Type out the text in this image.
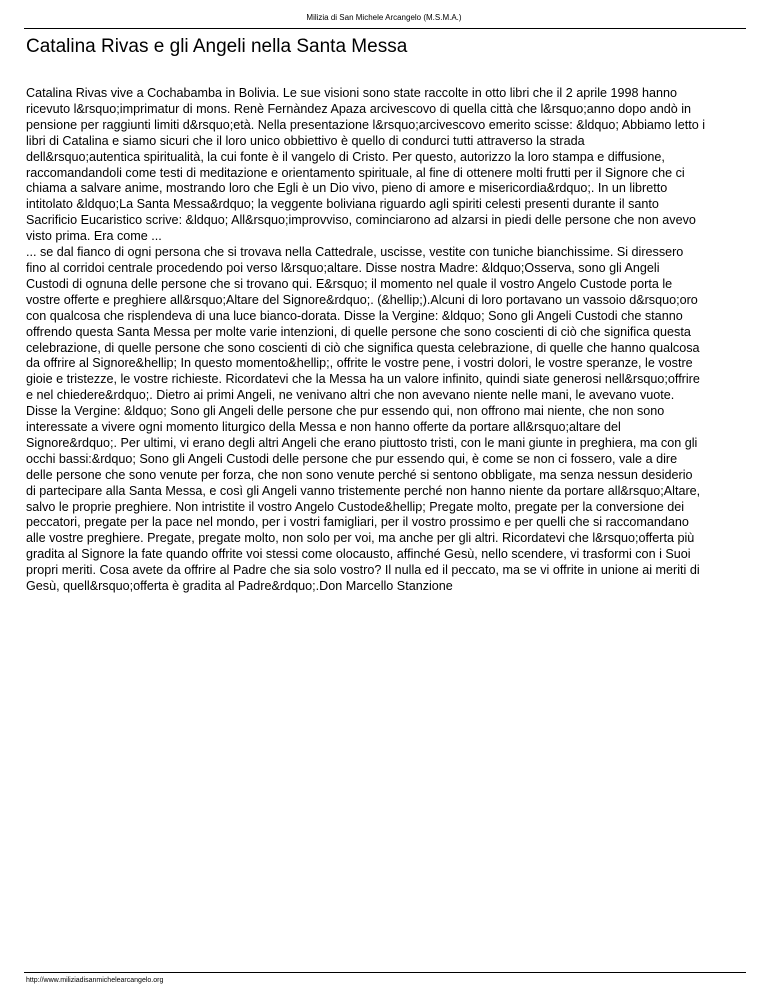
Milizia di San Michele Arcangelo (M.S.M.A.)
Catalina Rivas e gli Angeli nella Santa Messa
Catalina Rivas vive a Cochabamba in Bolivia. Le sue visioni sono state raccolte in otto libri che il 2 aprile 1998 hanno
ricevuto l&rsquo;imprimatur di mons. Renè Fernàndez Apaza arcivescovo di quella città che l&rsquo;anno dopo andò in
pensione per raggiunti limiti d&rsquo;età. Nella presentazione l&rsquo;arcivescovo emerito scisse: &ldquo; Abbiamo letto i
libri di Catalina e siamo sicuri che il loro unico obbiettivo è quello di condurci tutti attraverso la strada
dell&rsquo;autentica spiritualità, la cui fonte è il vangelo di Cristo. Per questo, autorizzo la loro stampa e diffusione,
raccomandandoli come testi di meditazione e orientamento spirituale, al fine di ottenere molti frutti per il Signore che ci
chiama a salvare anime, mostrando loro che Egli è un Dio vivo, pieno di amore e misericordia&rdquo;. In un libretto
intitolato &ldquo;La Santa Messa&rdquo; la veggente boliviana riguardo agli spiriti celesti presenti durante il santo
Sacrificio Eucaristico scrive: &ldquo; All&rsquo;improvviso, cominciarono ad alzarsi in piedi delle persone che non avevo
visto prima. Era come ...
... se dal fianco di ogni persona che si trovava nella Cattedrale, uscisse, vestite con tuniche bianchissime. Si diressero
fino al corridoi centrale procedendo poi verso l&rsquo;altare. Disse nostra Madre: &ldquo;Osserva, sono gli Angeli
Custodi di ognuna delle persone che si trovano qui. E&rsquo; il momento nel quale il vostro Angelo Custode porta le
vostre offerte e preghiere all&rsquo;Altare del Signore&rdquo;. (&hellip;).Alcuni di loro portavano un vassoio d&rsquo;oro
con qualcosa che risplendeva di una luce bianco-dorata. Disse la Vergine: &ldquo; Sono gli Angeli Custodi che stanno
offrendo questa Santa Messa per molte varie intenzioni, di quelle persone che sono coscienti di ciò che significa questa
celebrazione, di quelle persone che sono coscienti di ciò che significa questa celebrazione, di quelle che hanno qualcosa
da offrire al Signore&hellip; In questo momento&hellip;, offrite le vostre pene, i vostri dolori, le vostre speranze, le vostre
gioie e tristezze, le vostre richieste. Ricordatevi che la Messa ha un valore infinito, quindi siate generosi nell&rsquo;offrire
e nel chiedere&rdquo;. Dietro ai primi Angeli, ne venivano altri che non avevano niente nelle mani, le avevano vuote.
Disse la Vergine: &ldquo; Sono gli Angeli delle persone che pur essendo qui, non offrono mai niente, che non sono
interessate a vivere ogni momento liturgico della Messa e non hanno offerte da portare all&rsquo;altare del
Signore&rdquo;. Per ultimi, vi erano degli altri Angeli che erano piuttosto tristi, con le mani giunte in preghiera, ma con gli
occhi bassi:&rdquo; Sono gli Angeli Custodi delle persone che pur essendo qui, è come se non ci fossero, vale a dire
delle persone che sono venute per forza, che non sono venute perché si sentono obbligate, ma senza nessun desiderio
di partecipare alla Santa Messa, e così gli Angeli vanno tristemente perché non hanno niente da portare all&rsquo;Altare,
salvo le proprie preghiere. Non intristite il vostro Angelo Custode&hellip; Pregate molto, pregate per la conversione dei
peccatori, pregate per la pace nel mondo, per i vostri famigliari, per il vostro prossimo e per quelli che si raccomandano
alle vostre preghiere. Pregate, pregate molto, non solo per voi, ma anche per gli altri. Ricordatevi che l&rsquo;offerta più
gradita al Signore la fate quando offrite voi stessi come olocausto, affinché Gesù, nello scendere, vi trasformi con i Suoi
propri meriti. Cosa avete da offrire al Padre che sia solo vostro? Il nulla ed il peccato, ma se vi offrite in unione ai meriti di
Gesù, quell&rsquo;offerta è gradita al Padre&rdquo;.Don Marcello Stanzione
http://www.miliziadisanmichelearcangelo.org
